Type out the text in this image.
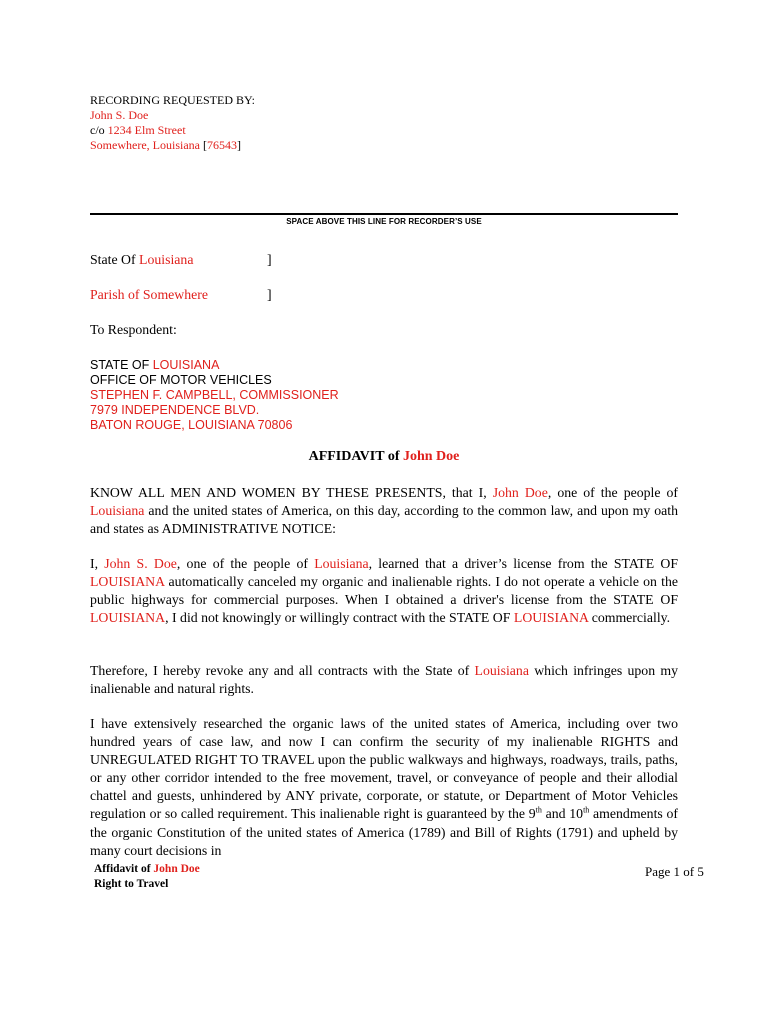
RECORDING REQUESTED BY:
John S. Doe
c/o 1234 Elm Street
Somewhere, Louisiana [76543]
SPACE ABOVE THIS LINE FOR RECORDER’S USE
State Of Louisiana	]
Parish of Somewhere	]
To Respondent:
STATE OF LOUISIANA
OFFICE OF MOTOR VEHICLES
STEPHEN F. CAMPBELL, COMMISSIONER
7979 INDEPENDENCE BLVD.
BATON ROUGE, LOUISIANA 70806
AFFIDAVIT of John Doe
KNOW ALL MEN AND WOMEN BY THESE PRESENTS, that I, John Doe, one of the people of Louisiana and the united states of America, on this day, according to the common law, and upon my oath and states as ADMINISTRATIVE NOTICE:
I, John S. Doe, one of the people of Louisiana, learned that a driver’s license from the STATE OF LOUISIANA automatically canceled my organic and inalienable rights. I do not operate a vehicle on the public highways for commercial purposes. When I obtained a driver's license from the STATE OF LOUISIANA, I did not knowingly or willingly contract with the STATE OF LOUISIANA commercially.
Therefore, I hereby revoke any and all contracts with the State of Louisiana which infringes upon my inalienable and natural rights.
I have extensively researched the organic laws of the united states of America, including over two hundred years of case law, and now I can confirm the security of my inalienable RIGHTS and UNREGULATED RIGHT TO TRAVEL upon the public walkways and highways, roadways, trails, paths, or any other corridor intended to the free movement, travel, or conveyance of people and their allodial chattel and guests, unhindered by ANY private, corporate, or statute, or Department of Motor Vehicles regulation or so called requirement. This inalienable right is guaranteed by the 9th and 10th amendments of the organic Constitution of the united states of America (1789) and Bill of Rights (1791) and upheld by many court decisions in
Affidavit of John Doe
Right to Travel
Page 1 of 5
